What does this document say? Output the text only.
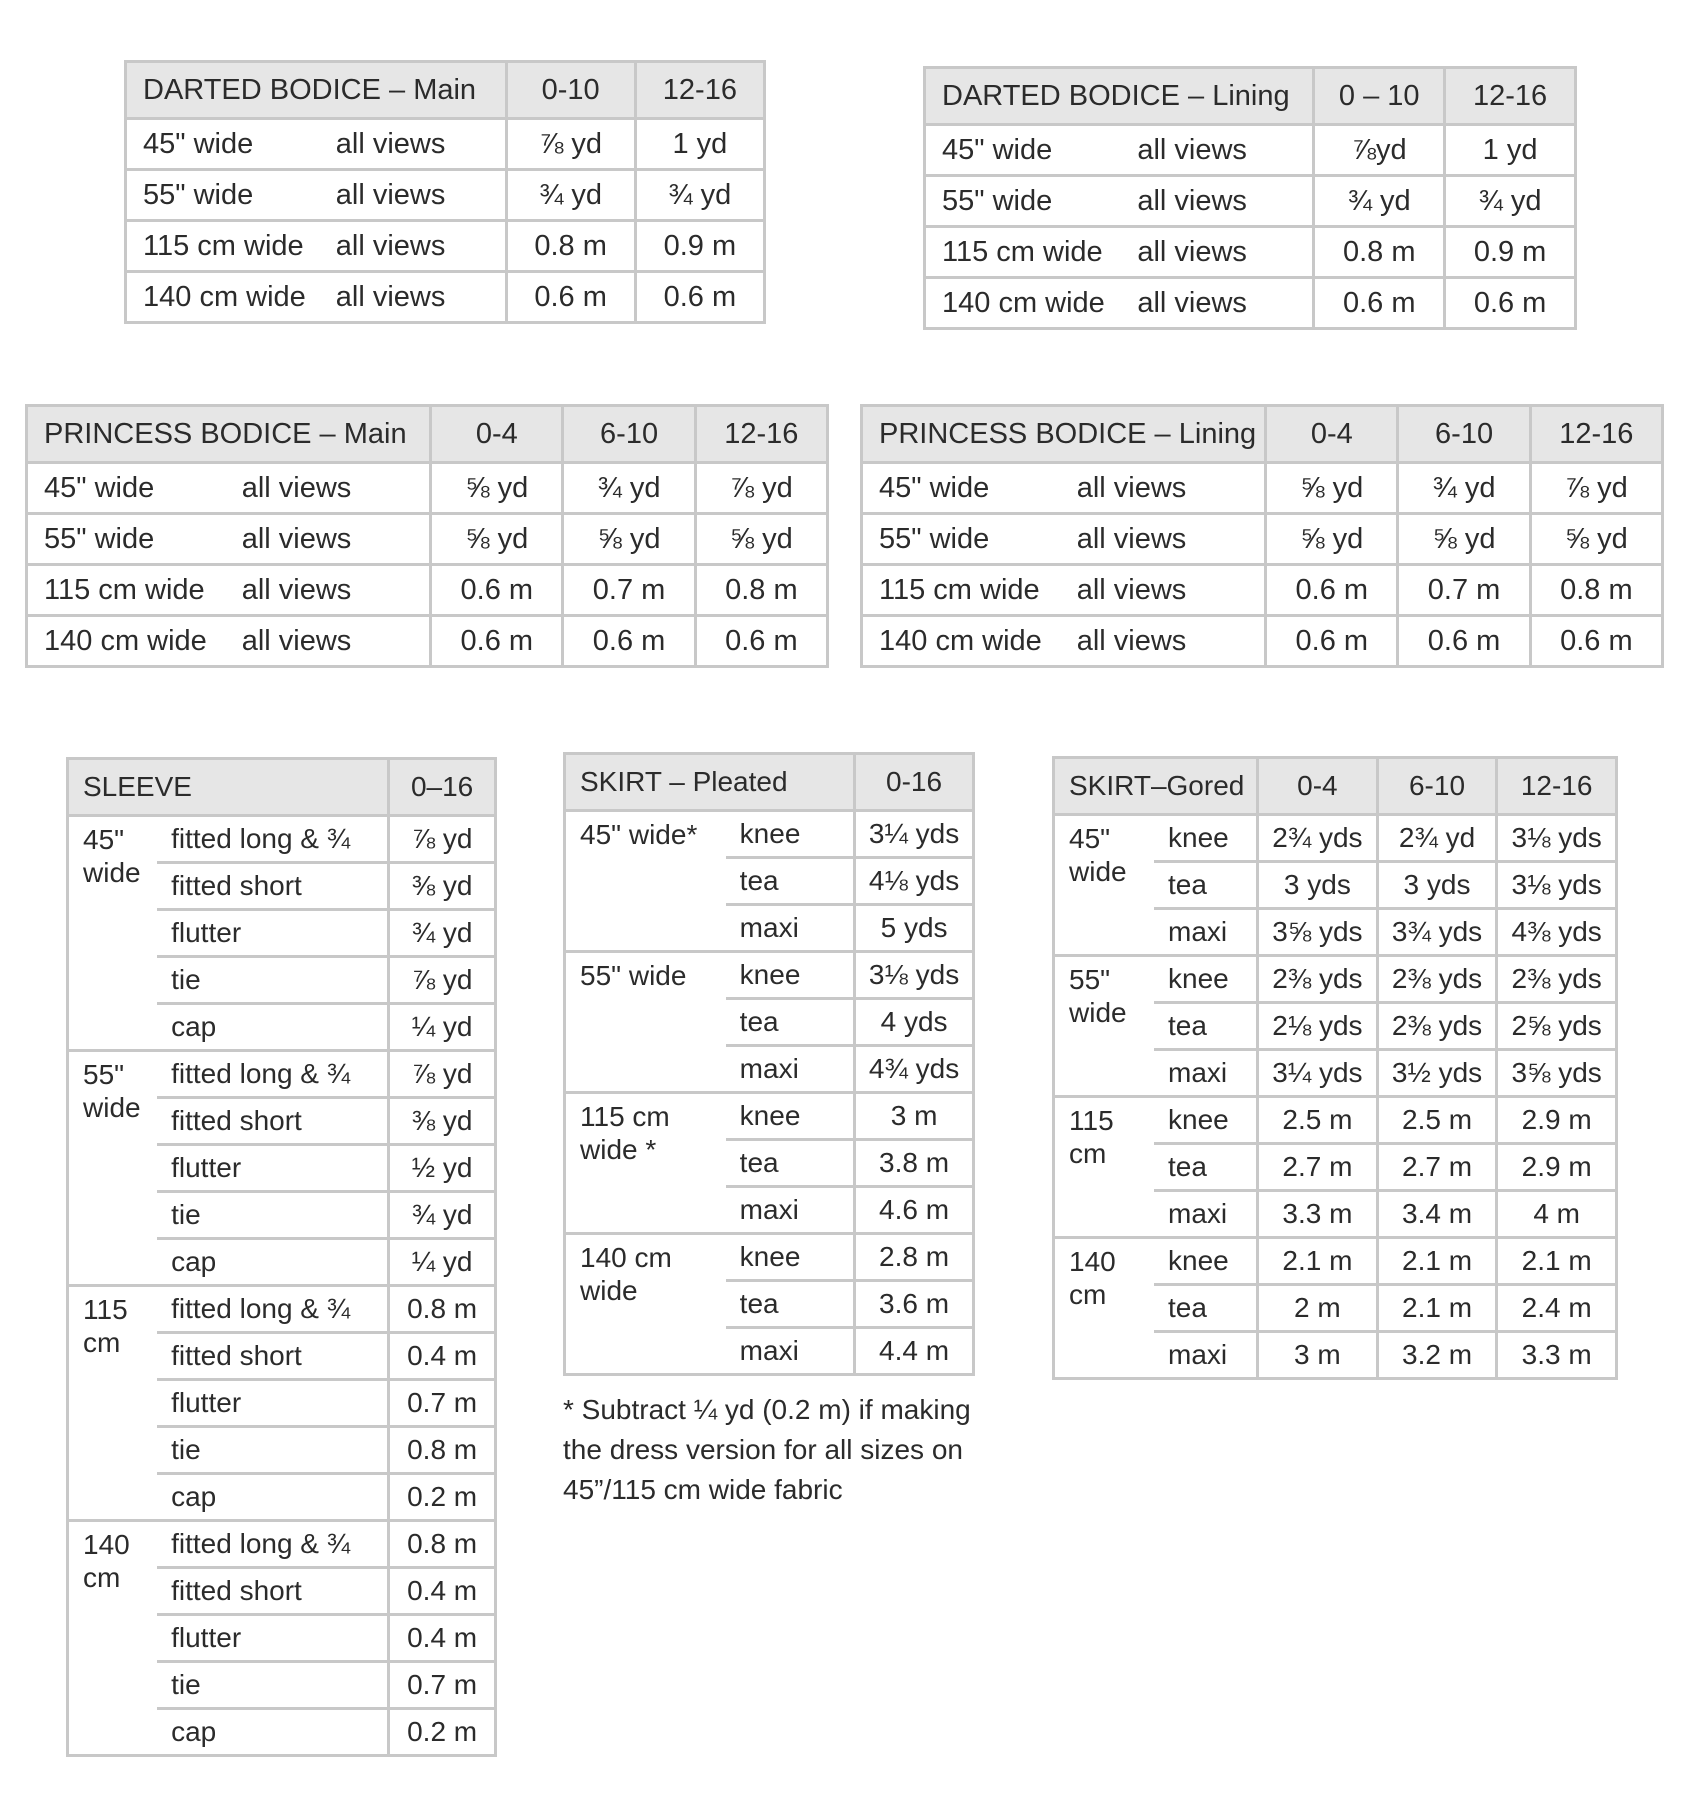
DARTED BODICE – Main		0-10	12-16
45" wide	all views	⅞ yd	1 yd
55" wide	all views	¾ yd	¾ yd
115 cm wide	all views	0.8 m	0.9 m
140 cm wide	all views	0.6 m	0.6 m
DARTED BODICE – Lining		0 – 10	12-16
45" wide	all views	⅞yd	1 yd
55" wide	all views	¾ yd	¾ yd
115 cm wide	all views	0.8 m	0.9 m
140 cm wide	all views	0.6 m	0.6 m
PRINCESS BODICE – Main		0-4	6-10	12-16
45" wide	all views	⅝ yd	¾ yd	⅞ yd
55" wide	all views	⅝ yd	⅝ yd	⅝ yd
115 cm wide	all views	0.6 m	0.7 m	0.8 m
140 cm wide	all views	0.6 m	0.6 m	0.6 m
PRINCESS BODICE – Lining		0-4	6-10	12-16
45" wide	all views	⅝ yd	¾ yd	⅞ yd
55" wide	all views	⅝ yd	⅝ yd	⅝ yd
115 cm wide	all views	0.6 m	0.7 m	0.8 m
140 cm wide	all views	0.6 m	0.6 m	0.6 m
SLEEVE		0–16
45" wide	fitted long & ¾	⅞ yd
	fitted short	⅜ yd
	flutter	¾ yd
	tie	⅞ yd
	cap	¼ yd
55" wide	fitted long & ¾	⅞ yd
	fitted short	⅜ yd
	flutter	½ yd
	tie	¾ yd
	cap	¼ yd
115 cm	fitted long & ¾	0.8 m
	fitted short	0.4 m
	flutter	0.7 m
	tie	0.8 m
	cap	0.2 m
140 cm	fitted long & ¾	0.8 m
	fitted short	0.4 m
	flutter	0.4 m
	tie	0.7 m
	cap	0.2 m
SKIRT – Pleated		0-16
45" wide*	knee	3¼ yds
	tea	4⅛ yds
	maxi	5 yds
55" wide	knee	3⅛ yds
	tea	4 yds
	maxi	4¾ yds
115 cm wide *	knee	3 m
	tea	3.8 m
	maxi	4.6 m
140 cm wide	knee	2.8 m
	tea	3.6 m
	maxi	4.4 m
SKIRT–Gored		0-4	6-10	12-16
45" wide	knee	2¾ yds	2¾ yd	3⅛ yds
	tea	3 yds	3 yds	3⅛ yds
	maxi	3⅝ yds	3¾ yds	4⅜ yds
55" wide	knee	2⅜ yds	2⅜ yds	2⅜ yds
	tea	2⅛ yds	2⅜ yds	2⅝ yds
	maxi	3¼ yds	3½ yds	3⅝ yds
115 cm	knee	2.5 m	2.5 m	2.9 m
	tea	2.7 m	2.7 m	2.9 m
	maxi	3.3 m	3.4 m	4 m
140 cm	knee	2.1 m	2.1 m	2.1 m
	tea	2 m	2.1 m	2.4 m
	maxi	3 m	3.2 m	3.3 m
* Subtract ¼ yd (0.2 m) if making the dress version for all sizes on 45”/115 cm wide fabric
